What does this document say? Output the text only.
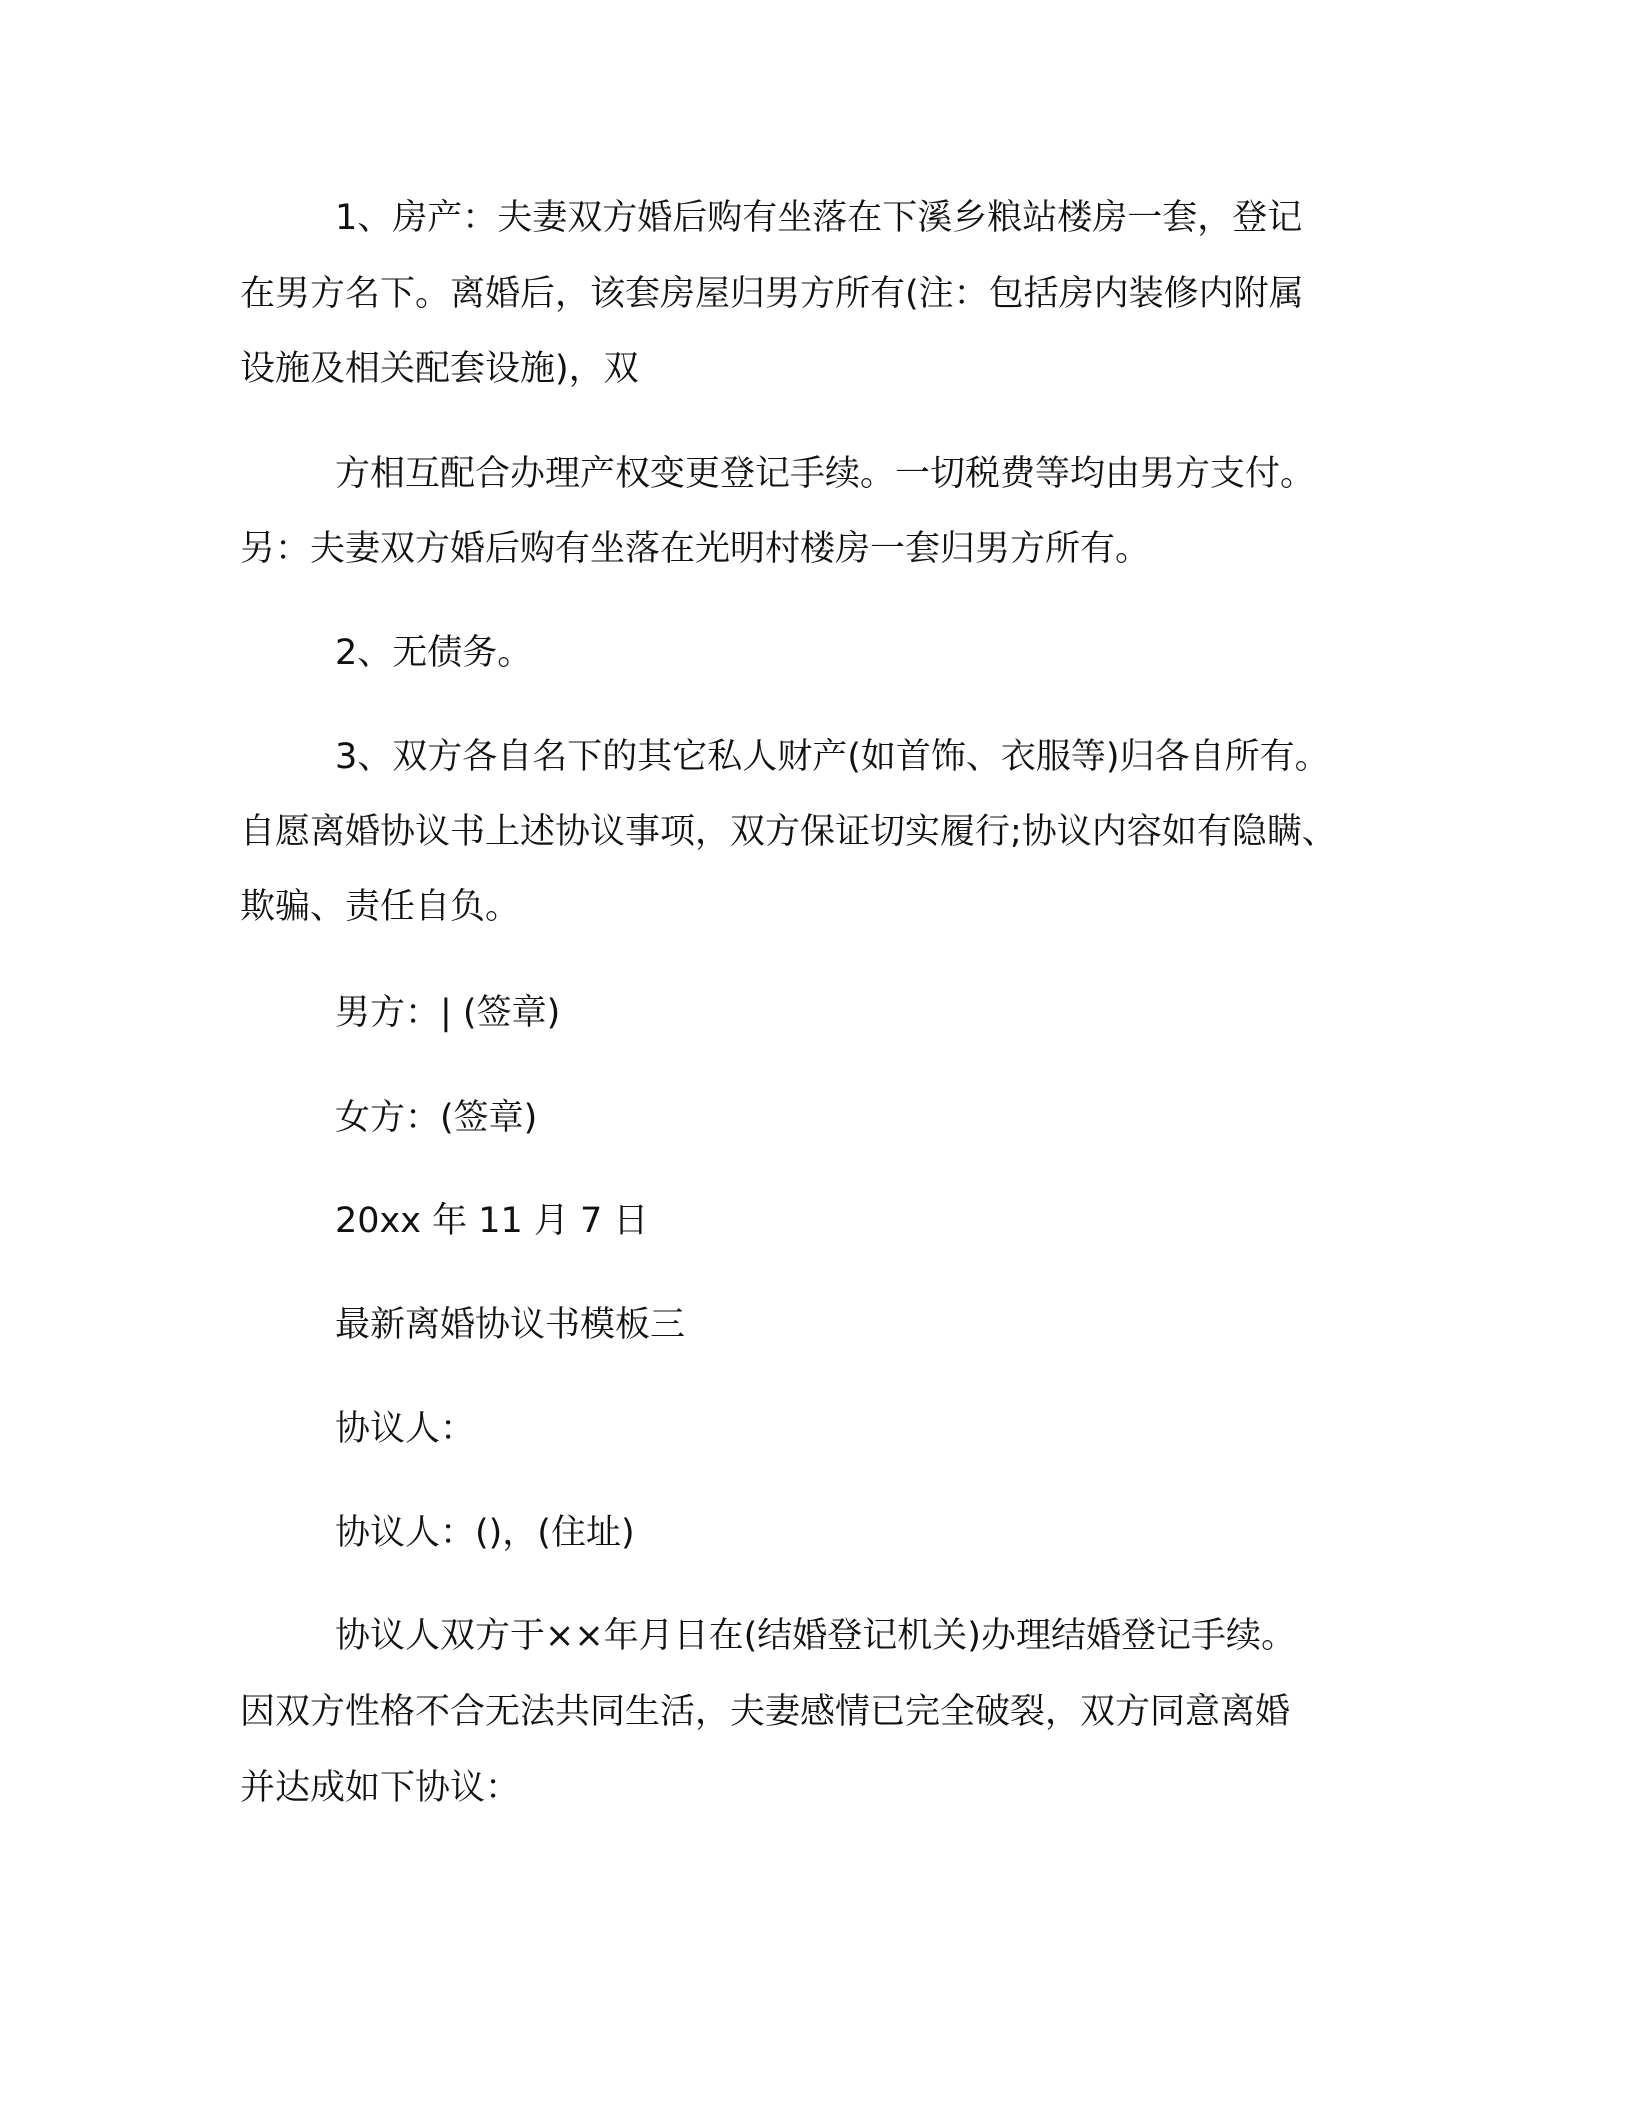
1、房产：夫妻双方婚后购有坐落在下溪乡粮站楼房一套，登记
在男方名下。离婚后，该套房屋归男方所有(注：包括房内装修内附属
设施及相关配套设施)，双
方相互配合办理产权变更登记手续。一切税费等均由男方支付。
另：夫妻双方婚后购有坐落在光明村楼房一套归男方所有。
2、无债务。
3、双方各自名下的其它私人财产(如首饰、衣服等)归各自所有。
自愿离婚协议书上述协议事项，双方保证切实履行;协议内容如有隐瞒、
欺骗、责任自负。
男方：| (签章)
女方：(签章)
20xx 年 11 月 7 日
最新离婚协议书模板三
协议人：
协议人：()，(住址)
协议人双方于××年月日在(结婚登记机关)办理结婚登记手续。
因双方性格不合无法共同生活，夫妻感情已完全破裂，双方同意离婚
并达成如下协议：
